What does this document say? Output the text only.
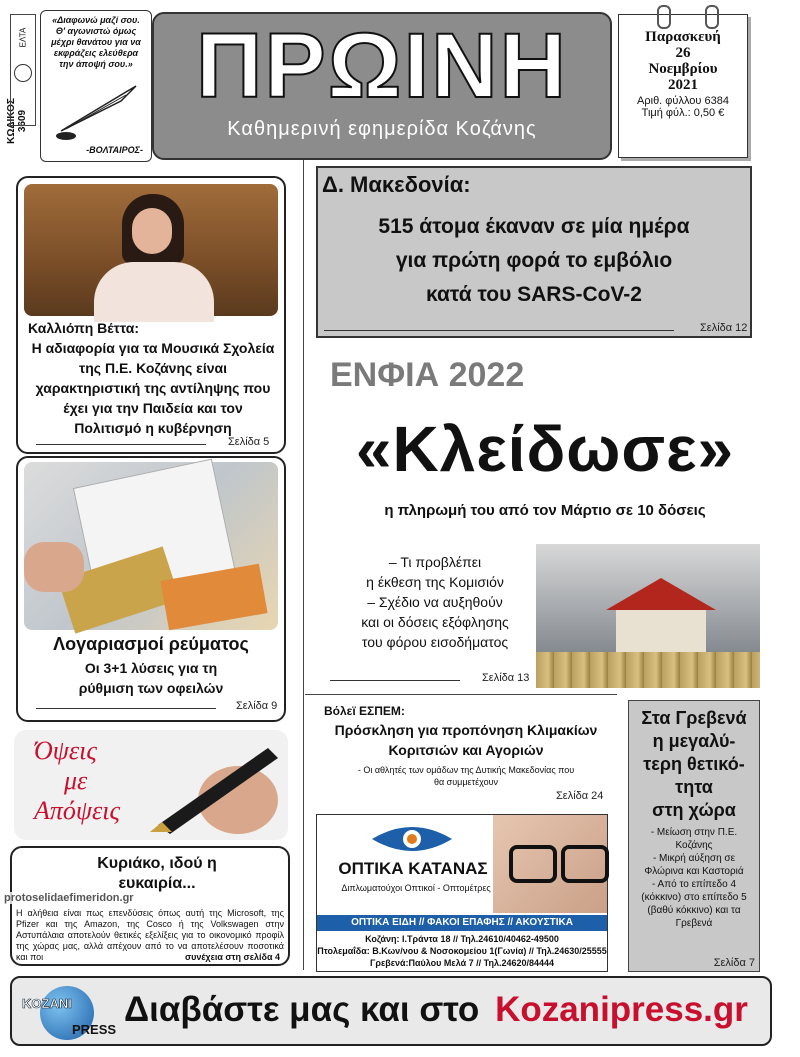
ΚΩΔΙΚΟΣ 3609
ΕΛΤΑ
«Διαφωνώ μαζί σου. Θ' αγωνιστώ όμως μέχρι θανάτου για να εκφράζεις ελεύθερα την άποψή σου.»
-ΒΟΛΤΑΙΡΟΣ-
ΠΡΩΙΝΗ
Καθημερινή εφημερίδα Κοζάνης
Παρασκευή
26
Νοεμβρίου
2021
Αριθ. φύλλου 6384
Τιμή φύλ.: 0,50 €
Καλλιόπη Βέττα:
Η αδιαφορία για τα Μουσικά Σχολεία της Π.Ε. Κοζάνης είναι χαρακτηριστική της αντίληψης που έχει για την Παιδεία και τον Πολιτισμό η κυβέρνηση
Σελίδα 5
Λογαριασμοί ρεύματος
Οι 3+1 λύσεις για τη ρύθμιση των οφειλών
Σελίδα 9
Όψεις
με
Απόψεις
Κυριάκο, ιδού η ευκαιρία...
Η αλήθεια είναι πως επενδύσεις όπως αυτή της Microsoft, της Pfizer και της Amazon, της Cosco ή της Volkswagen στην Αστυπάλαια αποτελούν θετικές εξελίξεις για το οικονομικό προφίλ της χώρας μας, αλλά απέχουν από το να αποτελέσουν ποσοτικά και ποι	συνέχεια στη σελίδα 4
protoselidaefimeridon.gr
Δ. Μακεδονία:
515 άτομα έκαναν σε μία ημέρα
για πρώτη φορά το εμβόλιο
κατά του SARS-CoV-2
Σελίδα 12
ΕΝΦΙΑ 2022
«Κλείδωσε»
η πληρωμή του από τον Μάρτιο σε 10 δόσεις
– Τι προβλέπει
η έκθεση της Κομισιόν
– Σχέδιο να αυξηθούν
και οι δόσεις εξόφλησης
του φόρου εισοδήματος
Σελίδα 13
Βόλεϊ ΕΣΠΕΜ:
Πρόσκληση για προπόνηση Κλιμακίων Κοριτσιών και Αγοριών
- Οι αθλητές των ομάδων της Δυτικής Μακεδονίας που θα συμμετέχουν
Σελίδα 24
ΟΠΤΙΚΑ ΚΑΤΑΝΑΣ
Διπλωματούχοι Οπτικοί - Οπτομέτρες
ΟΠΤΙΚΑ ΕΙΔΗ // ΦΑΚΟΙ ΕΠΑΦΗΣ // ΑΚΟΥΣΤΙΚΑ
Κοζάνη: Ι.Τράντα 18 // Τηλ.24610/40462-49500
Πτολεμαΐδα: Β.Κων/νου & Νοσοκομείου 1(Γωνία) // Τηλ.24630/25555
Γρεβενά:Παύλου Μελά 7 // Τηλ.24620/84444
Στα Γρεβενά
η μεγαλύ-
τερη θετικό-
τητα
στη χώρα
- Μείωση στην Π.Ε. Κοζάνης
- Μικρή αύξηση σε Φλώρινα και Καστοριά
- Από το επίπεδο 4 (κόκκινο) στο επίπεδο 5 (βαθύ κόκκινο) και τα Γρεβενά
Σελίδα 7
KOZANI
PRESS
Διαβάστε μας και στο Kozanipress.gr
